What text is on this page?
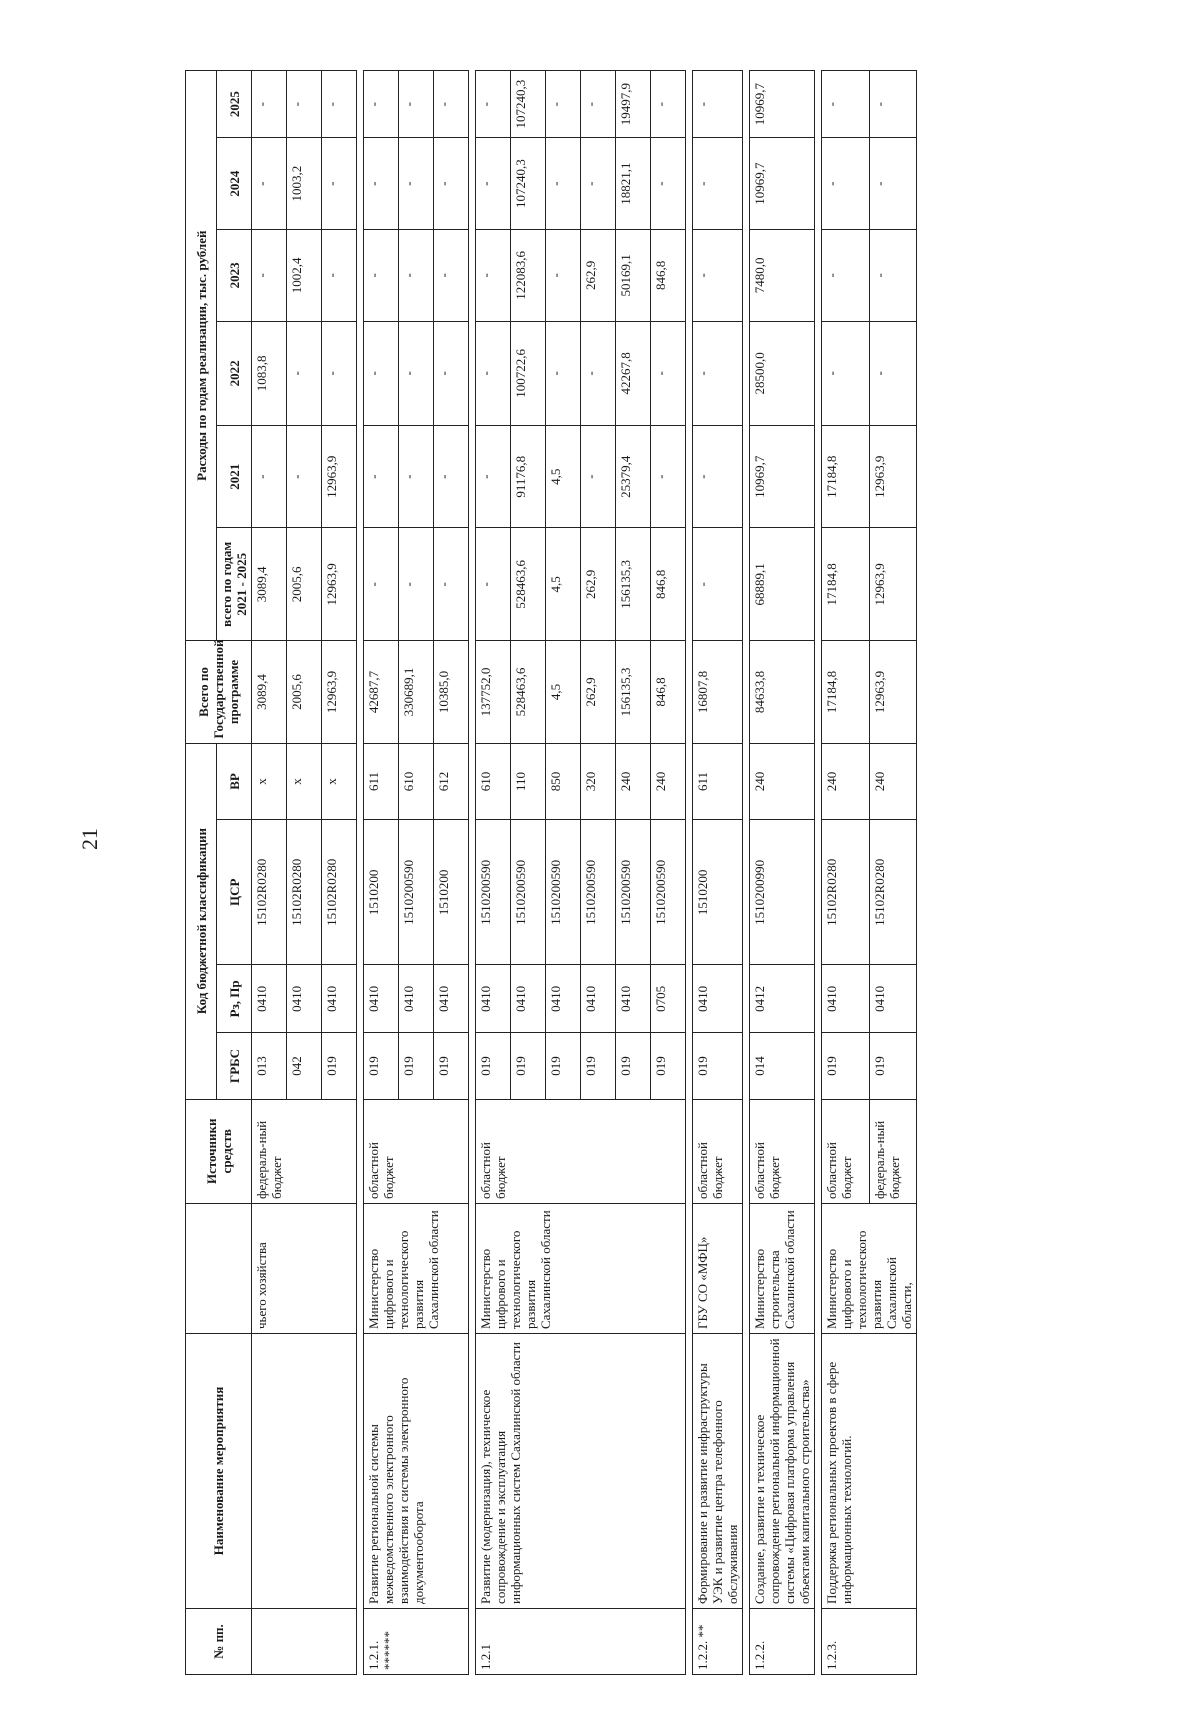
21
№ пп.	Наименование мероприятия		Источники средств	Код бюджетной классификации				Всего по Государственной программе	Расходы по годам реализации, тыс. рублей					
				ГРБС	Рз, Пр	ЦСР	ВР		всего по годам 2021 - 2025	2021	2022	2023	2024	2025
		чьего хозяйства	федераль-ный бюджет	013	0410	15102R0280	х	3089,4	3089,4	-	1083,8	-	-	-
				042	0410	15102R0280	х	2005,6	2005,6	-	-	1002,4	1003,2	-
				019	0410	15102R0280	х	12963,9	12963,9	12963,9	-	-	-	-

1.2.1. ******	Развитие региональной системы межведомственного электронного взаимодействия и системы электронного документооборота	Министерство цифрового и технологического развития Сахалинской области	областной бюджет	019	0410	1510200	611	42687,7	-	-	-	-	-	-
				019	0410	1510200590	610	330689,1	-	-	-	-	-	-
				019	0410	1510200	612	10385,0	-	-	-	-	-	-

1.2.1	Развитие (модернизация), техническое сопровождение и эксплуатация информационных систем Сахалинской области	Министерство цифрового и технологического развития Сахалинской области	областной бюджет	019	0410	1510200590	610	137752,0	-	-	-	-	-	-
				019	0410	1510200590	110	528463,6	528463,6	91176,8	100722,6	122083,6	107240,3	107240,3
				019	0410	1510200590	850	4,5	4,5	4,5	-	-	-	-
				019	0410	1510200590	320	262,9	262,9	-	-	262,9	-	-
				019	0410	1510200590	240	156135,3	156135,3	25379,4	42267,8	50169,1	18821,1	19497,9
				019	0705	1510200590	240	846,8	846,8	-	-	846,8	-	-

1.2.2. **	Формирование и развитие инфраструктуры УЭК и развитие центра телефонного обслуживания	ГБУ СО «МФЦ»	областной бюджет	019	0410	1510200	611	16807,8	-	-	-	-	-	-

1.2.2.	Создание, развитие и техническое сопровождение региональной информационной системы «Цифровая платформа управления объектами капитального строительства»	Министерство строительства Сахалинской области	областной бюджет	014	0412	1510200990	240	84633,8	68889,1	10969,7	28500,0	7480,0	10969,7	10969,7

1.2.3.	Поддержка региональных проектов в сфере информационных технологий.	Министерство цифрового и технологического развития Сахалинской области,	областной бюджет	019	0410	15102R0280	240	17184,8	17184,8	17184,8	-	-	-	-
			федераль-ный бюджет	019	0410	15102R0280	240	12963,9	12963,9	12963,9	-	-	-	-
